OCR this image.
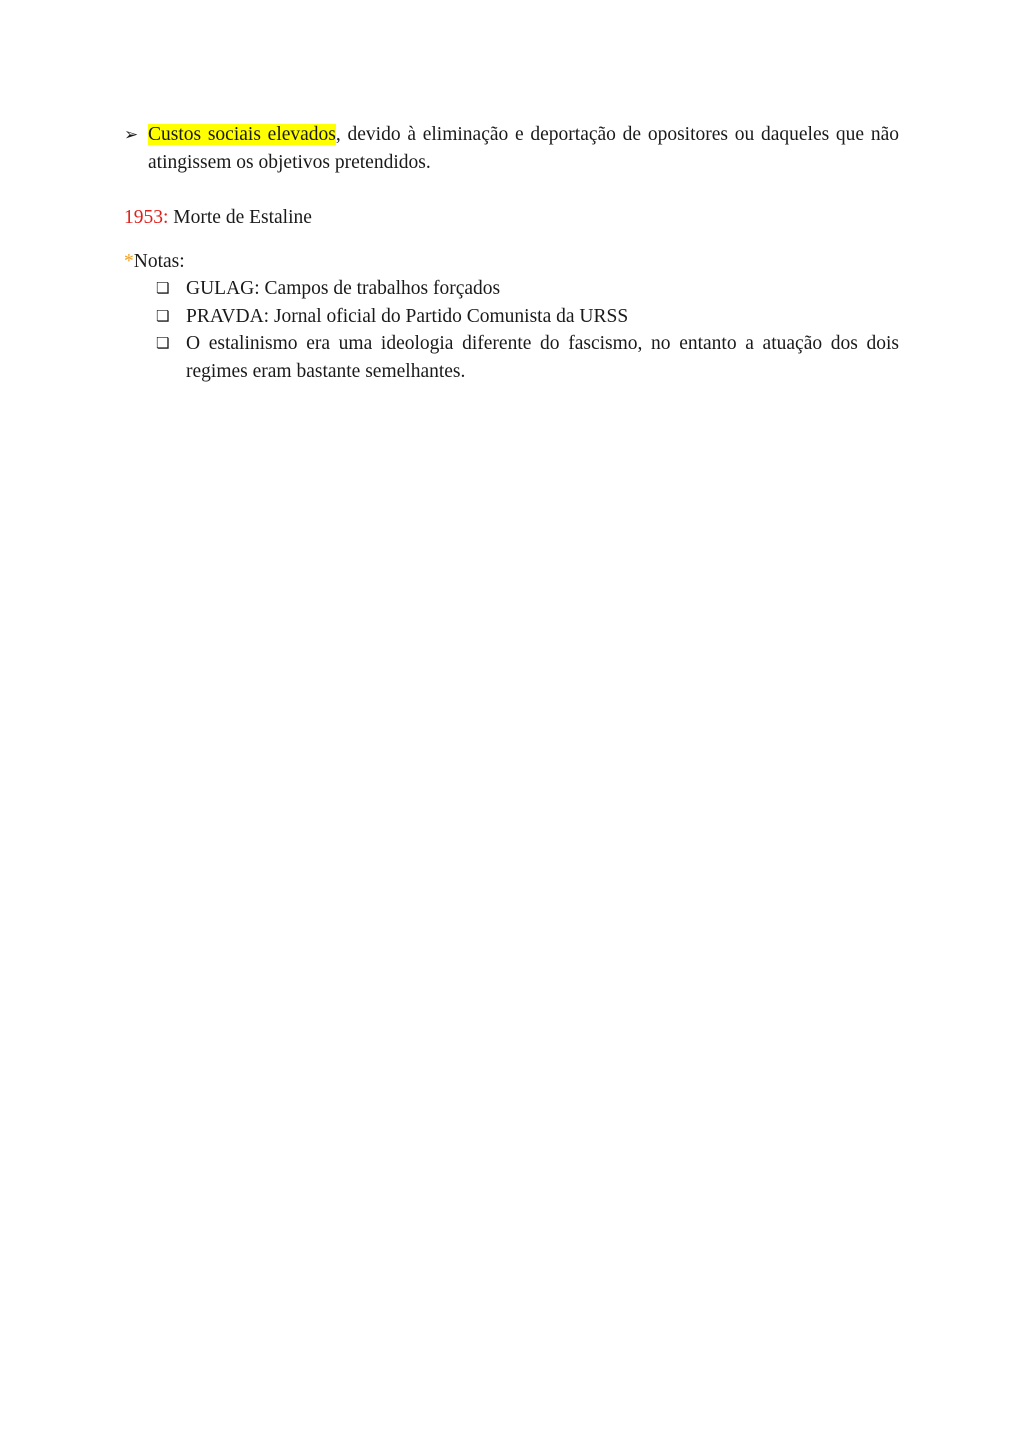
➢ Custos sociais elevados, devido à eliminação e deportação de opositores ou daqueles que não atingissem os objetivos pretendidos.
1953: Morte de Estaline
*Notas:
❏ GULAG: Campos de trabalhos forçados
❏ PRAVDA: Jornal oficial do Partido Comunista da URSS
❏ O estalinismo era uma ideologia diferente do fascismo, no entanto a atuação dos dois regimes eram bastante semelhantes.
